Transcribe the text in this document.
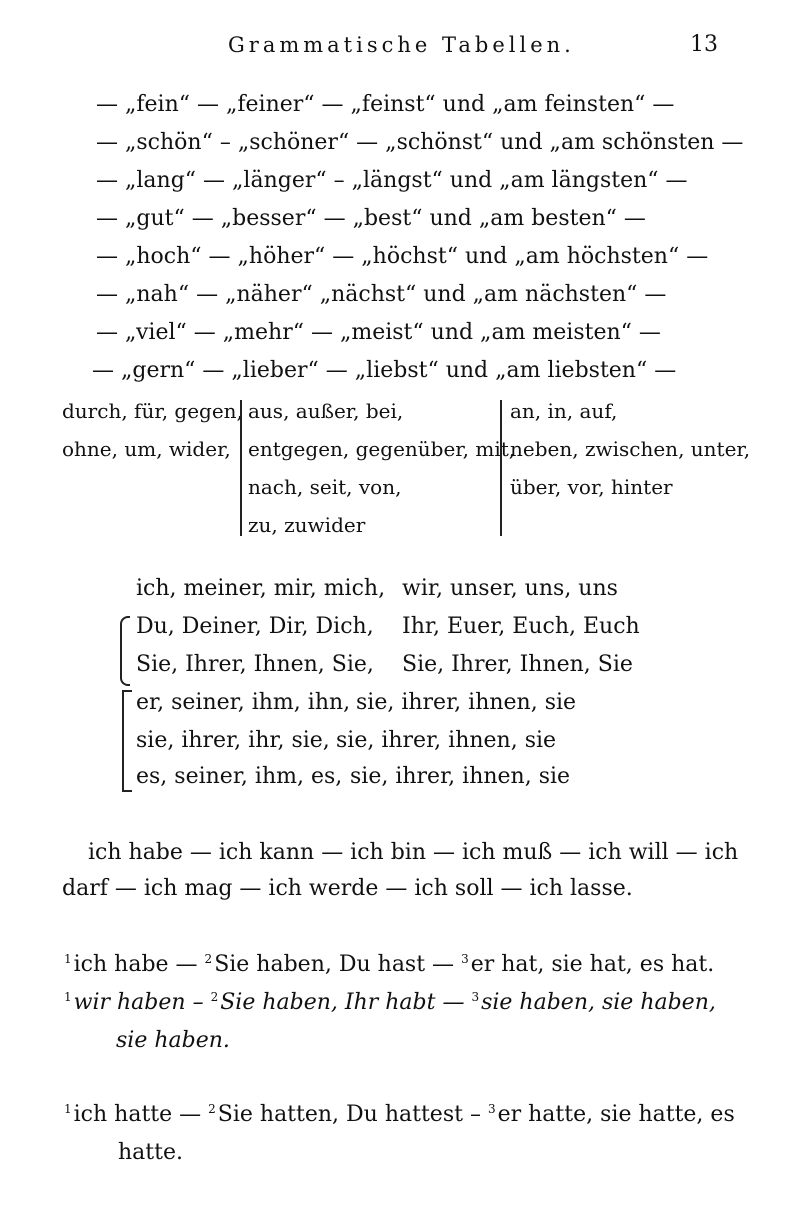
Grammatische Tabellen.	13
— „fein“ — „feiner“ — „feinst“ und „am feinsten“ —
— „schön“ – „schöner“ — „schönst“ und „am schönsten —
— „lang“ — „länger“ – „längst“ und „am längsten“ —
— „gut“ — „besser“ — „best“ und „am besten“ —
— „hoch“ — „höher“ — „höchst“ und „am höchsten“ —
— „nah“ — „näher“ „nächst“ und „am nächsten“ —
— „viel“ — „mehr“ — „meist“ und „am meisten“ —
— „gern“ — „lieber“ — „liebst“ und „am liebsten“ —
durch, für, gegen,
ohne, um, wider,
aus, außer, bei,
entgegen, gegenüber, mit,
nach, seit, von,
zu, zuwider
an, in, auf,
neben, zwischen, unter,
über, vor, hinter
ich, meiner, mir, mich, wir, unser, uns, uns
Du, Deiner, Dir, Dich, Ihr, Euer, Euch, Euch
Sie, Ihrer, Ihnen, Sie, Sie, Ihrer, Ihnen, Sie
er, seiner, ihm, ihn, sie, ihrer, ihnen, sie
sie, ihrer, ihr, sie, sie, ihrer, ihnen, sie
es, seiner, ihm, es, sie, ihrer, ihnen, sie
ich habe — ich kann — ich bin — ich muß — ich will — ich
darf — ich mag — ich werde — ich soll — ich lasse.
$^1$ich habe — $^2$Sie haben, Du hast — $^3$er hat, sie hat, es hat.
$^1$wir haben – $^2$Sie haben, Ihr habt — $^3$sie haben, sie haben,
sie haben.
$^1$ich hatte — $^2$Sie hatten, Du hattest – $^3$er hatte, sie hatte, es
hatte.
